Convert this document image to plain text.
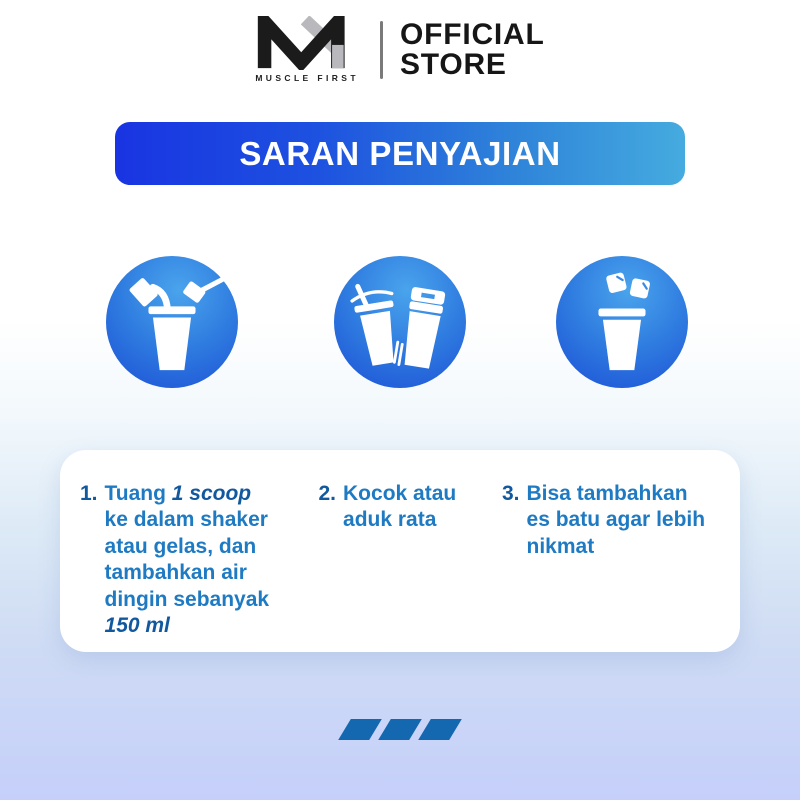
MUSCLE FIRST
OFFICIAL
STORE
SARAN PENYAJIAN
1. Tuang 1 scoop ke dalam shaker atau gelas, dan tambahkan air dingin sebanyak 150 ml
2. Kocok atau aduk rata
3. Bisa tambahkan es batu agar lebih nikmat
